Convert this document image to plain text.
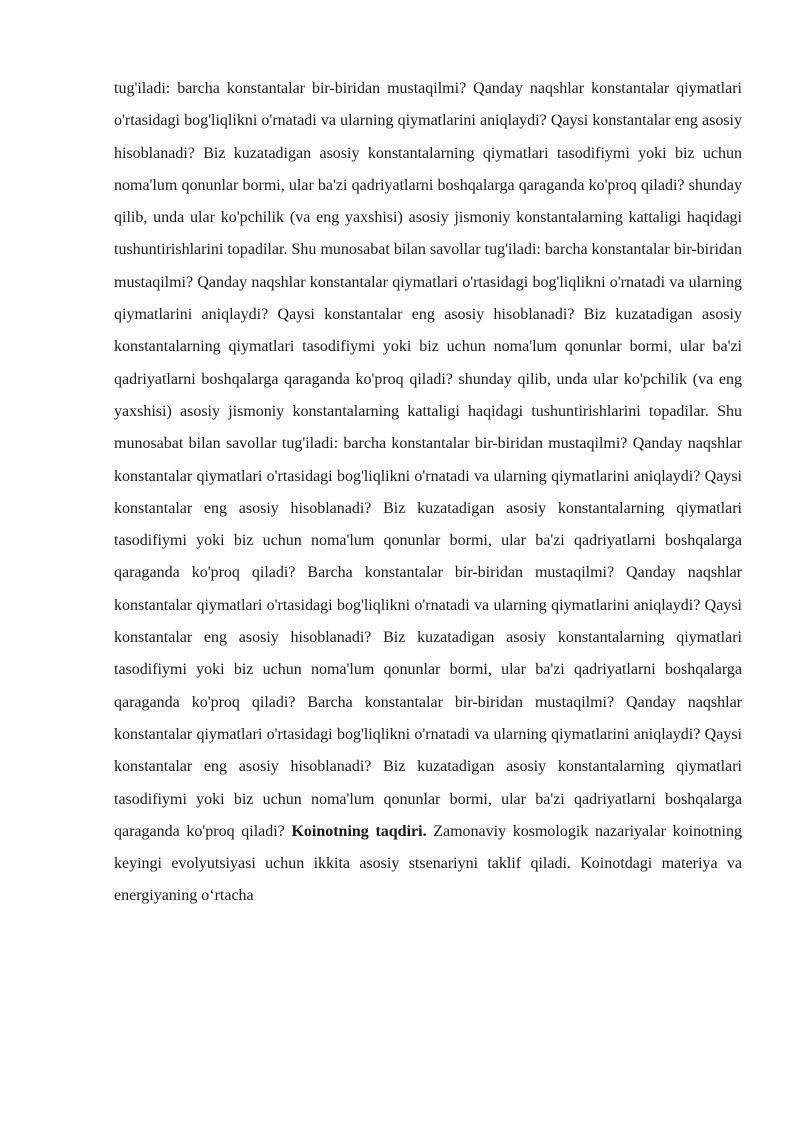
tug'iladi: barcha konstantalar bir-biridan mustaqilmi? Qanday naqshlar konstantalar qiymatlari o'rtasidagi bog'liqlikni o'rnatadi va ularning qiymatlarini aniqlaydi? Qaysi konstantalar eng asosiy hisoblanadi? Biz kuzatadigan asosiy konstantalarning qiymatlari tasodifiymi yoki biz uchun noma'lum qonunlar bormi, ular ba'zi qadriyatlarni boshqalarga qaraganda ko'proq qiladi? shunday qilib, unda ular ko'pchilik (va eng yaxshisi) asosiy jismoniy konstantalarning kattaligi haqidagi tushuntirishlarini topadilar. Shu munosabat bilan savollar tug'iladi: barcha konstantalar bir-biridan mustaqilmi? Qanday naqshlar konstantalar qiymatlari o'rtasidagi bog'liqlikni o'rnatadi va ularning qiymatlarini aniqlaydi? Qaysi konstantalar eng asosiy hisoblanadi? Biz kuzatadigan asosiy konstantalarning qiymatlari tasodifiymi yoki biz uchun noma'lum qonunlar bormi, ular ba'zi qadriyatlarni boshqalarga qaraganda ko'proq qiladi? shunday qilib, unda ular ko'pchilik (va eng yaxshisi) asosiy jismoniy konstantalarning kattaligi haqidagi tushuntirishlarini topadilar. Shu munosabat bilan savollar tug'iladi: barcha konstantalar bir-biridan mustaqilmi? Qanday naqshlar konstantalar qiymatlari o'rtasidagi bog'liqlikni o'rnatadi va ularning qiymatlarini aniqlaydi? Qaysi konstantalar eng asosiy hisoblanadi? Biz kuzatadigan asosiy konstantalarning qiymatlari tasodifiymi yoki biz uchun noma'lum qonunlar bormi, ular ba'zi qadriyatlarni boshqalarga qaraganda ko'proq qiladi? Barcha konstantalar bir-biridan mustaqilmi? Qanday naqshlar konstantalar qiymatlari o'rtasidagi bog'liqlikni o'rnatadi va ularning qiymatlarini aniqlaydi? Qaysi konstantalar eng asosiy hisoblanadi? Biz kuzatadigan asosiy konstantalarning qiymatlari tasodifiymi yoki biz uchun noma'lum qonunlar bormi, ular ba'zi qadriyatlarni boshqalarga qaraganda ko'proq qiladi? Barcha konstantalar bir-biridan mustaqilmi? Qanday naqshlar konstantalar qiymatlari o'rtasidagi bog'liqlikni o'rnatadi va ularning qiymatlarini aniqlaydi? Qaysi konstantalar eng asosiy hisoblanadi? Biz kuzatadigan asosiy konstantalarning qiymatlari tasodifiymi yoki biz uchun noma'lum qonunlar bormi, ular ba'zi qadriyatlarni boshqalarga qaraganda ko'proq qiladi? Koinotning taqdiri. Zamonaviy kosmologik nazariyalar koinotning keyingi evolyutsiyasi uchun ikkita asosiy stsenariyni taklif qiladi. Koinotdagi materiya va energiyaning oʻrtacha
